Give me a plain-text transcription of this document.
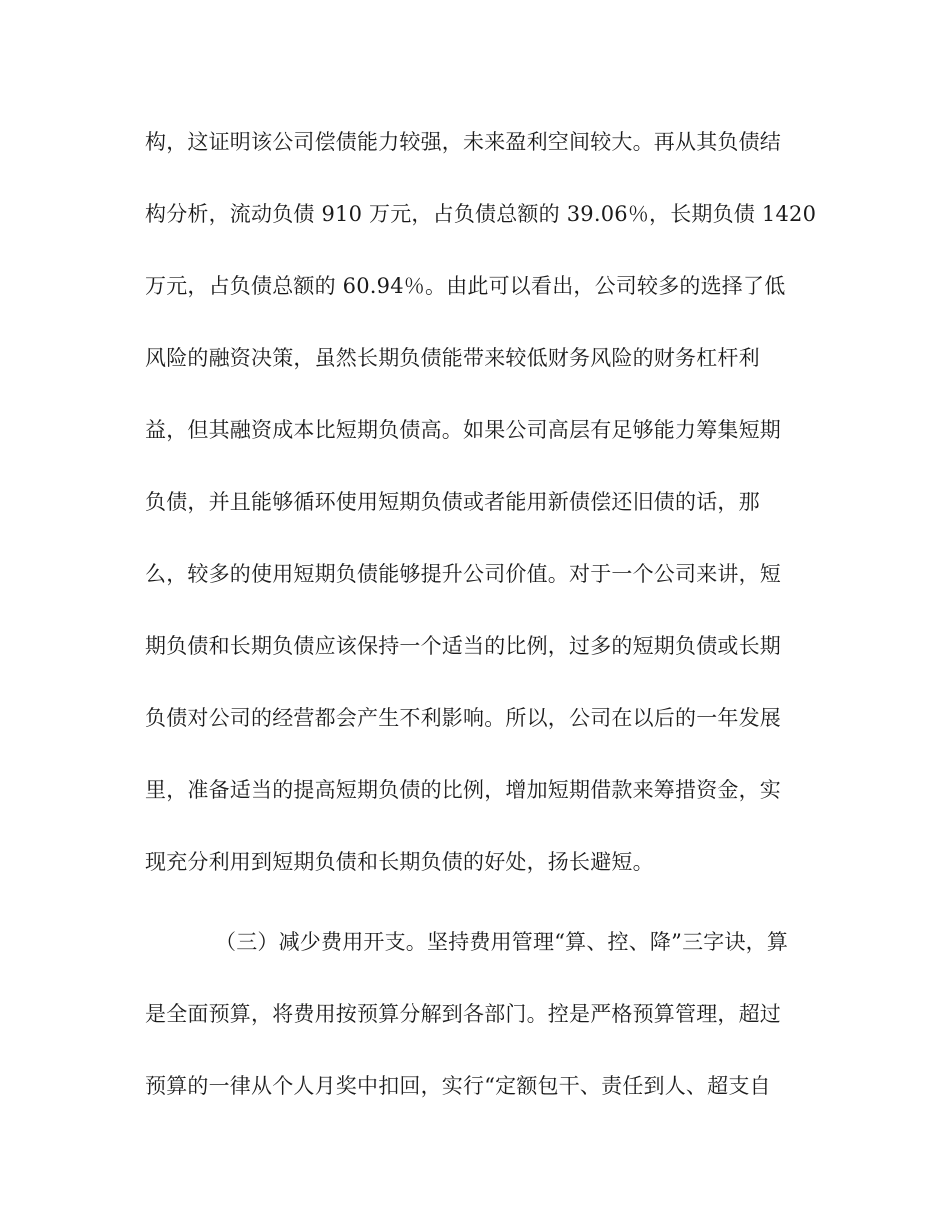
构，这证明该公司偿债能力较强，未来盈利空间较大。再从其负债结
构分析，流动负债 910 万元，占负债总额的 39.06％，长期负债 1420
万元，占负债总额的 60.94％。由此可以看出，公司较多的选择了低
风险的融资决策，虽然长期负债能带来较低财务风险的财务杠杆利
益，但其融资成本比短期负债高。如果公司高层有足够能力筹集短期
负债，并且能够循环使用短期负债或者能用新债偿还旧债的话，那
么，较多的使用短期负债能够提升公司价值。对于一个公司来讲，短
期负债和长期负债应该保持一个适当的比例，过多的短期负债或长期
负债对公司的经营都会产生不利影响。所以，公司在以后的一年发展
里，准备适当的提高短期负债的比例，增加短期借款来筹措资金，实
现充分利用到短期负债和长期负债的好处，扬长避短。
（三）减少费用开支。坚持费用管理“算、控、降”三字诀，算
是全面预算，将费用按预算分解到各部门。控是严格预算管理，超过
预算的一律从个人月奖中扣回，实行“定额包干、责任到人、超支自
